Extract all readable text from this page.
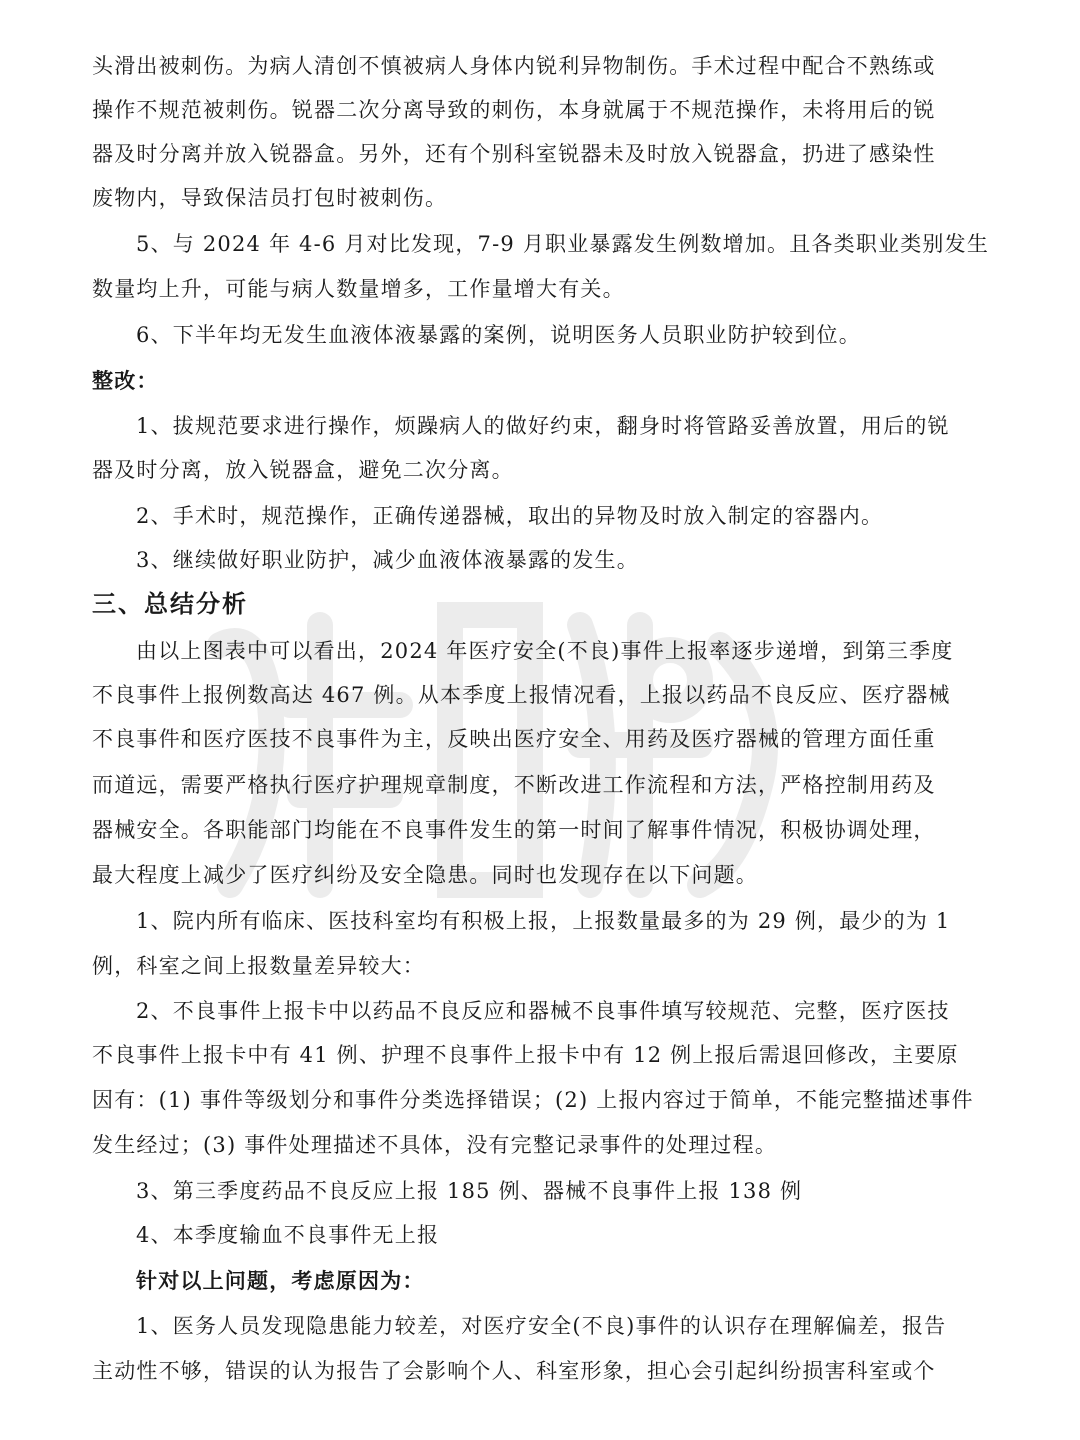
头滑出被刺伤。为病人清创不慎被病人身体内锐利异物制伤。手术过程中配合不熟练或
操作不规范被刺伤。锐器二次分离导致的刺伤，本身就属于不规范操作，未将用后的锐
器及时分离并放入锐器盒。另外，还有个别科室锐器未及时放入锐器盒，扔进了感染性
废物内，导致保洁员打包时被刺伤。
5、与 2024 年 4-6 月对比发现，7-9 月职业暴露发生例数增加。且各类职业类别发生
数量均上升，可能与病人数量增多，工作量增大有关。
6、下半年均无发生血液体液暴露的案例，说明医务人员职业防护较到位。
整改：
1、拔规范要求进行操作，烦躁病人的做好约束，翻身时将管路妥善放置，用后的锐
器及时分离，放入锐器盒，避免二次分离。
2、手术时，规范操作，正确传递器械，取出的异物及时放入制定的容器内。
3、继续做好职业防护，减少血液体液暴露的发生。
三、总结分析
由以上图表中可以看出，2024 年医疗安全(不良)事件上报率逐步递增，到第三季度
不良事件上报例数高达 467 例。从本季度上报情况看，上报以药品不良反应、医疗器械
不良事件和医疗医技不良事件为主，反映出医疗安全、用药及医疗器械的管理方面任重
而道远，需要严格执行医疗护理规章制度，不断改进工作流程和方法，严格控制用药及
器械安全。各职能部门均能在不良事件发生的第一时间了解事件情况，积极协调处理，
最大程度上减少了医疗纠纷及安全隐患。同时也发现存在以下问题。
1、院内所有临床、医技科室均有积极上报，上报数量最多的为 29 例，最少的为 1
例，科室之间上报数量差异较大：
2、不良事件上报卡中以药品不良反应和器械不良事件填写较规范、完整，医疗医技
不良事件上报卡中有 41 例、护理不良事件上报卡中有 12 例上报后需退回修改，主要原
因有：(1) 事件等级划分和事件分类选择错误；(2) 上报内容过于简单，不能完整描述事件
发生经过；(3) 事件处理描述不具体，没有完整记录事件的处理过程。
3、第三季度药品不良反应上报 185 例、器械不良事件上报 138 例
4、本季度输血不良事件无上报
针对以上问题，考虑原因为：
1、医务人员发现隐患能力较差，对医疗安全(不良)事件的认识存在理解偏差，报告
主动性不够，错误的认为报告了会影响个人、科室形象，担心会引起纠纷损害科室或个
